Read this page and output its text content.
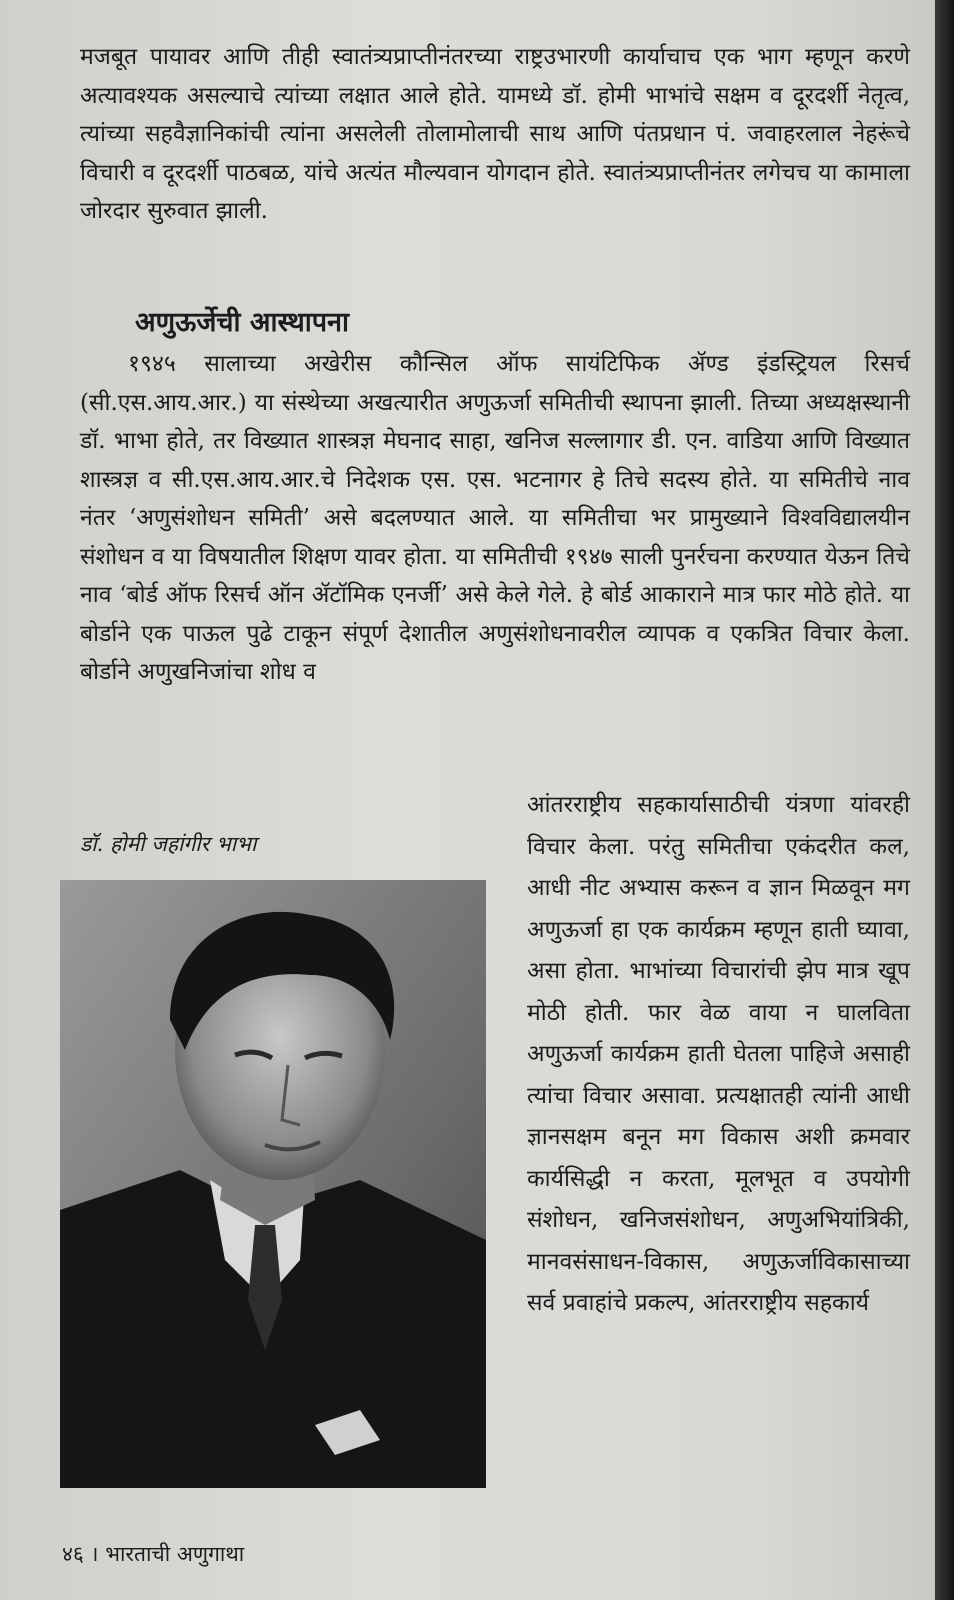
मजबूत पायावर आणि तीही स्वातंत्र्यप्राप्तीनंतरच्या राष्ट्रउभारणी कार्याचाच एक भाग म्हणून करणे अत्यावश्यक असल्याचे त्यांच्या लक्षात आले होते. यामध्ये डॉ. होमी भाभांचे सक्षम व दूरदर्शी नेतृत्व, त्यांच्या सहवैज्ञानिकांची त्यांना असलेली तोलामोलाची साथ आणि पंतप्रधान पं. जवाहरलाल नेहरूंचे विचारी व दूरदर्शी पाठबळ, यांचे अत्यंत मौल्यवान योगदान होते. स्वातंत्र्यप्राप्तीनंतर लगेचच या कामाला जोरदार सुरुवात झाली.

अणुऊर्जेची आस्थापना

१९४५ सालाच्या अखेरीस कौन्सिल ऑफ सायंटिफिक ॲण्ड इंडस्ट्रियल रिसर्च (सी.एस.आय.आर.) या संस्थेच्या अखत्यारीत अणुऊर्जा समितीची स्थापना झाली. तिच्या अध्यक्षस्थानी डॉ. भाभा होते, तर विख्यात शास्त्रज्ञ मेघनाद साहा, खनिज सल्लागार डी. एन. वाडिया आणि विख्यात शास्त्रज्ञ व सी.एस.आय.आर.चे निदेशक एस. एस. भटनागर हे तिचे सदस्य होते. या समितीचे नाव नंतर ‘अणुसंशोधन समिती’ असे बदलण्यात आले. या समितीचा भर प्रामुख्याने विश्वविद्यालयीन संशोधन व या विषयातील शिक्षण यावर होता. या समितीची १९४७ साली पुनर्रचना करण्यात येऊन तिचे नाव ‘बोर्ड ऑफ रिसर्च ऑन ॲटॉमिक एनर्जी’ असे केले गेले. हे बोर्ड आकाराने मात्र फार मोठे होते. या बोर्डाने एक पाऊल पुढे टाकून संपूर्ण देशातील अणुसंशोधनावरील व्यापक व एकत्रित विचार केला. बोर्डाने अणुखनिजांचा शोध व

डॉ. होमी जहांगीर भाभा

आंतरराष्ट्रीय सहकार्यासाठीची यंत्रणा यांवरही विचार केला. परंतु समितीचा एकंदरीत कल, आधी नीट अभ्यास करून व ज्ञान मिळवून मग अणुऊर्जा हा एक कार्यक्रम म्हणून हाती घ्यावा, असा होता. भाभांच्या विचारांची झेप मात्र खूप मोठी होती. फार वेळ वाया न घालविता अणुऊर्जा कार्यक्रम हाती घेतला पाहिजे असाही त्यांचा विचार असावा. प्रत्यक्षातही त्यांनी आधी ज्ञानसक्षम बनून मग विकास अशी क्रमवार कार्यसिद्धी न करता, मूलभूत व उपयोगी संशोधन, खनिजसंशोधन, अणुअभियांत्रिकी, मानवसंसाधन-विकास, अणुऊर्जाविकासाच्या सर्व प्रवाहांचे प्रकल्प, आंतरराष्ट्रीय सहकार्य

४६ । भारताची अणुगाथा
